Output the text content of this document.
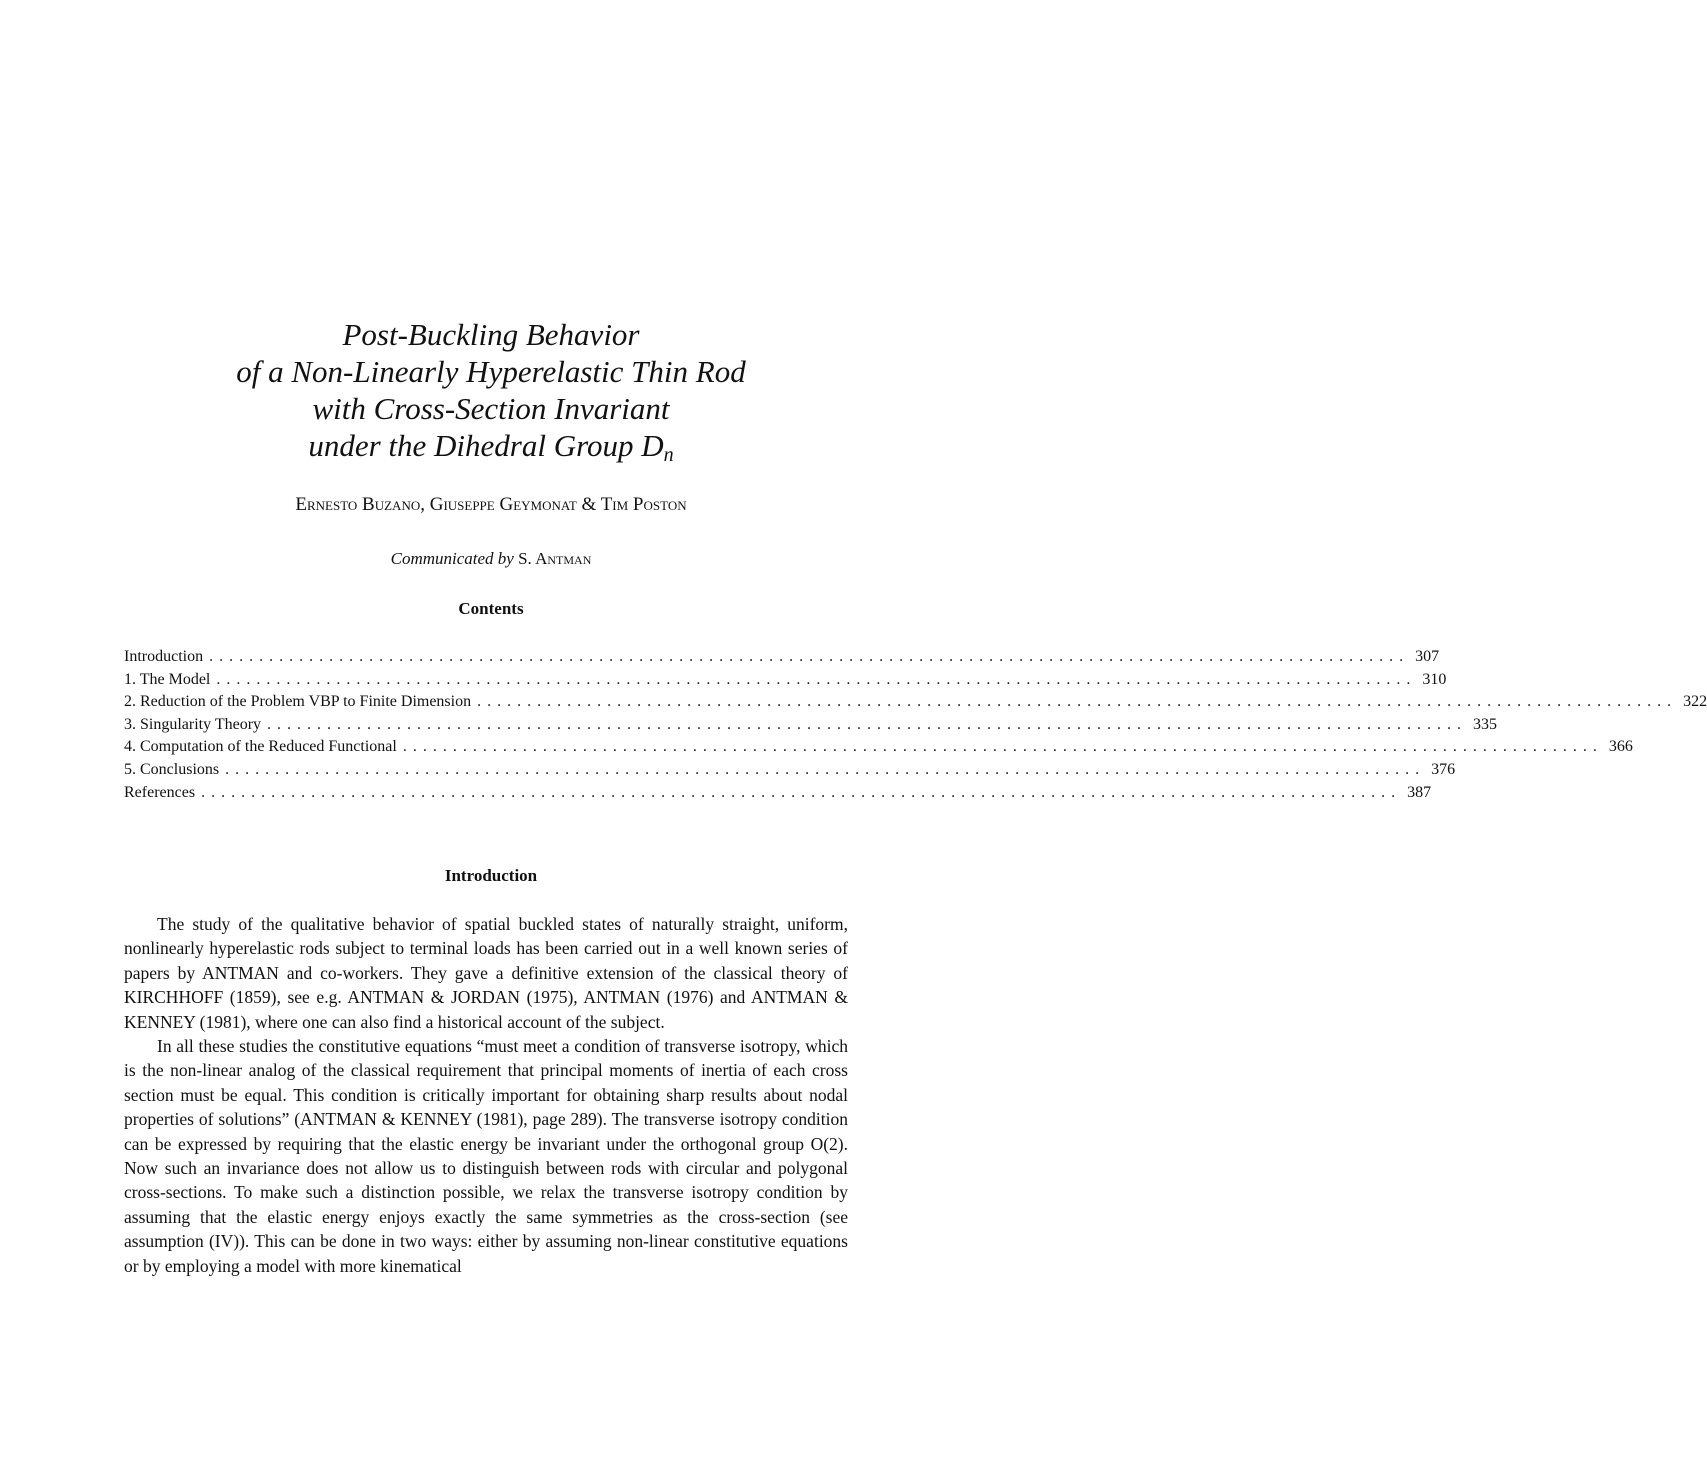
Post-Buckling Behavior
of a Non-Linearly Hyperelastic Thin Rod
with Cross-Section Invariant
under the Dihedral Group $D_n$
Ernesto Buzano, Giuseppe Geymonat & Tim Poston
Communicated by S. Antman
Contents
Introduction ........................................................................................................................ 307
1. The Model ........................................................................................................................ 310
2. Reduction of the Problem VBP to Finite Dimension ........................................................................................................................ 322
3. Singularity Theory ........................................................................................................................ 335
4. Computation of the Reduced Functional ........................................................................................................................ 366
5. Conclusions ........................................................................................................................ 376
References ........................................................................................................................ 387
Introduction

The study of the qualitative behavior of spatial buckled states of naturally straight, uniform, nonlinearly hyperelastic rods subject to terminal loads has been carried out in a well known series of papers by ANTMAN and co-workers. They gave a definitive extension of the classical theory of KIRCHHOFF (1859), see e.g. ANTMAN & JORDAN (1975), ANTMAN (1976) and ANTMAN & KENNEY (1981), where one can also find a historical account of the subject.

In all these studies the constitutive equations “must meet a condition of transverse isotropy, which is the non-linear analog of the classical requirement that principal moments of inertia of each cross section must be equal. This condition is critically important for obtaining sharp results about nodal properties of solutions” (ANTMAN & KENNEY (1981), page 289). The transverse isotropy condition can be expressed by requiring that the elastic energy be invariant under the orthogonal group O(2). Now such an invariance does not allow us to distinguish between rods with circular and polygonal cross-sections. To make such a distinction possible, we relax the transverse isotropy condition by assuming that the elastic energy enjoys exactly the same symmetries as the cross-section (see assumption (IV)). This can be done in two ways: either by assuming non-linear constitutive equations or by employing a model with more kinematical
